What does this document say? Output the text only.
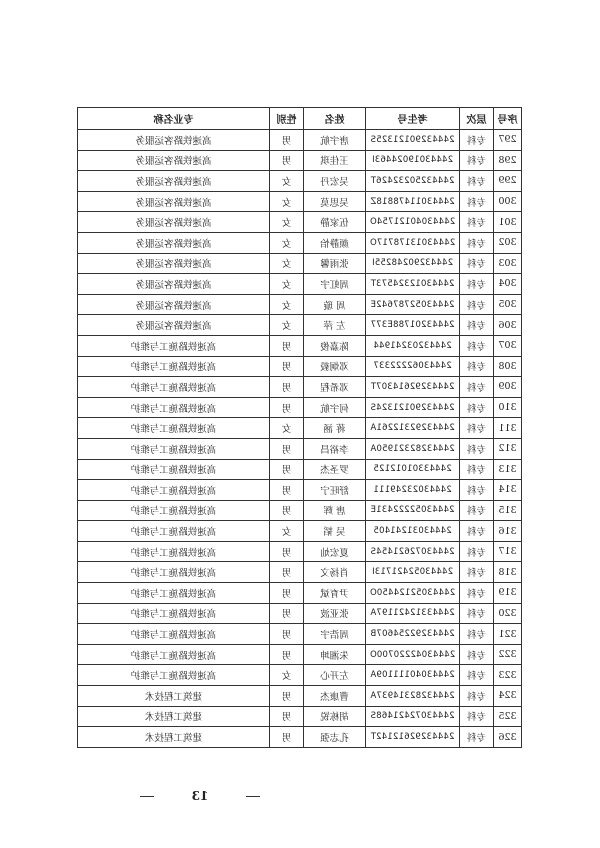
序号	层次	考生号	姓名	性别	专业名称
297	专科	24443290121325S	唐宇航	男	高速铁路客运服务
298	专科	24443019024463I	王佳琪	男	高速铁路客运服务
299	专科	24443250232426T	吴宏丹	女	高速铁路客运服务
300	专科	24443011478818Z	吴思莫	女	高速铁路客运服务
301	专科	24443040121754O	伍家静	女	高速铁路客运服务
302	专科	24443013178717O	颜静怡	女	高速铁路客运服务
303	专科	24443290248255I	张雨馨	女	高速铁路客运服务
304	专科	24443012324573T	周虹宇	女	高速铁路客运服务
305	专科	24443052787642E	周 璇	女	高速铁路客运服务
306	专科	24443201788E377	左 萍	女	高速铁路客运服务
307	专科	24443203241944	陈嘉俊	男	高速铁路施工与维护
308	专科	24443062222337	邓炯毅	男	高速铁路施工与维护
309	专科	24443292614307T	邓希程	男	高速铁路施工与维护
310	专科	24443290121324S	何宇航	男	高速铁路施工与维护
311	专科	24443292312261A	蒋 涵	女	高速铁路施工与维护
312	专科	24443282321950A	李裕昌	男	高速铁路施工与维护
313	专科	24443301012125	罗圣杰	男	高速铁路施工与维护
314	专科	24443023249111	舒旺宁	男	高速铁路施工与维护
315	专科	24443052222431E	唐 辉	男	高速铁路施工与维护
316	专科	24443031241405	吴 韬	女	高速铁路施工与维护
317	专科	24443072621454S	夏宏灿	男	高速铁路施工与维护
318	专科	24443052421713I	肖扬文	男	高速铁路施工与维护
319	专科	24443052124450O	尹育斌	男	高速铁路施工与维护
320	专科	24443312421197A	张亚波	男	高速铁路施工与维护
321	专科	24443292254607B	周浩宇	男	高速铁路施工与维护
322	专科	24443042220700O	朱湘坤	男	高速铁路施工与维护
323	专科	24443040111109A	左开心	女	高速铁路施工与维护
324	专科	24443282314937A	曹康杰	男	建筑工程技术
325	专科	24443072421468S	胡栋锐	男	建筑工程技术
326	专科	24443292612142T	孔志强	男	建筑工程技术
13
